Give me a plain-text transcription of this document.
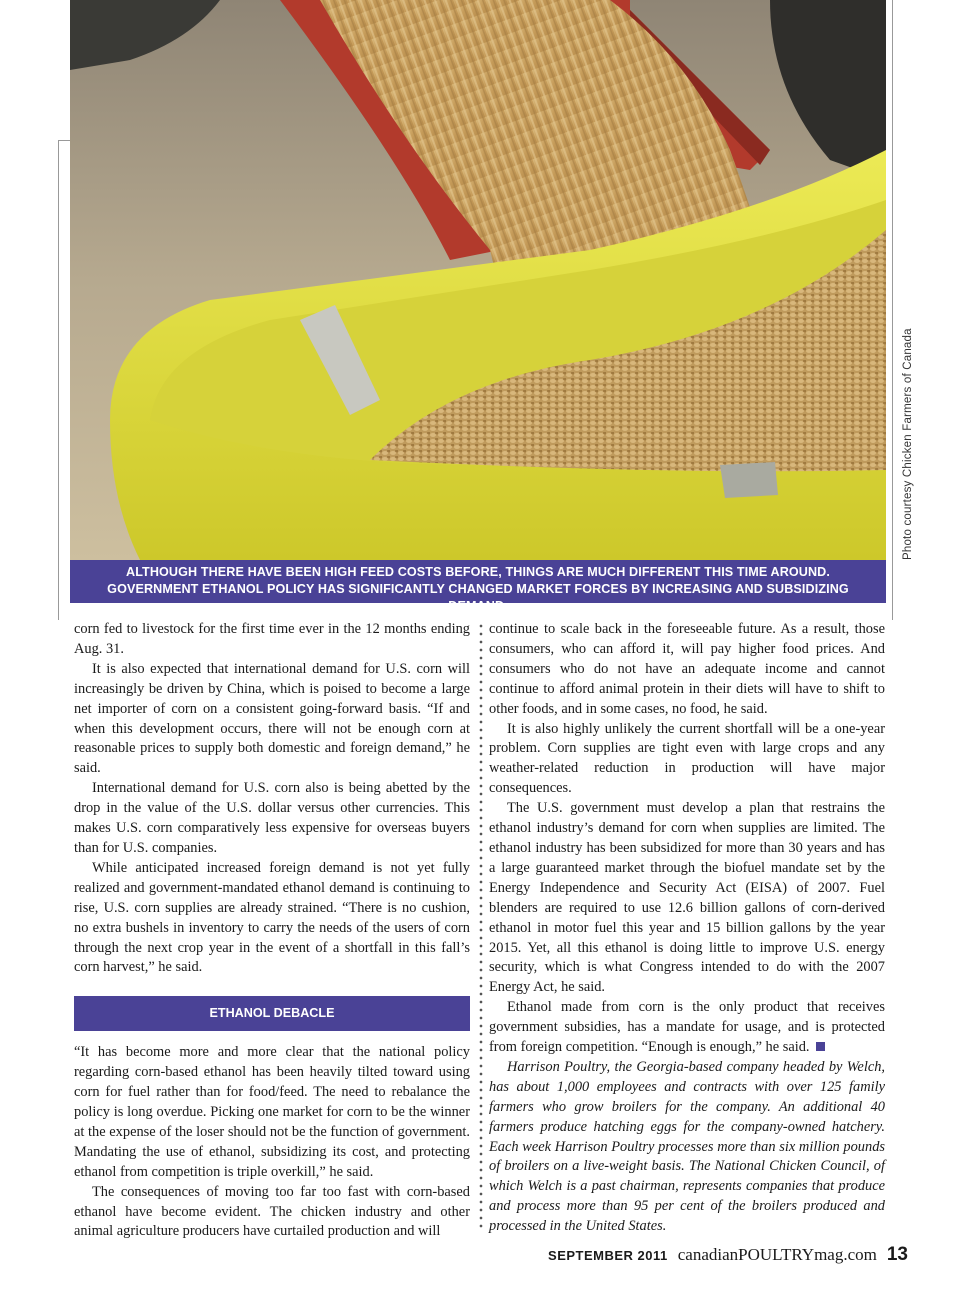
Photo courtesy Chicken Farmers of Canada
ALTHOUGH THERE HAVE BEEN HIGH FEED COSTS BEFORE, THINGS ARE MUCH DIFFERENT THIS TIME AROUND. GOVERNMENT ETHANOL POLICY HAS SIGNIFICANTLY CHANGED MARKET FORCES BY INCREASING AND SUBSIDIZING DEMAND.

corn fed to livestock for the first time ever in the 12 months ending Aug. 31.

It is also expected that international demand for U.S. corn will increasingly be driven by China, which is poised to become a large net importer of corn on a consistent going-forward basis. “If and when this development occurs, there will not be enough corn at reasonable prices to supply both domestic and foreign demand,” he said.

International demand for U.S. corn also is being abetted by the drop in the value of the U.S. dollar versus other currencies. This makes U.S. corn comparatively less expensive for overseas buyers than for U.S. companies.

While anticipated increased foreign demand is not yet fully realized and government-mandated ethanol demand is continuing to rise, U.S. corn supplies are already strained. “There is no cushion, no extra bushels in inventory to carry the needs of the users of corn through the next crop year in the event of a shortfall in this fall’s corn harvest,” he said.

ETHANOL DEBACLE

“It has become more and more clear that the national policy regarding corn-based ethanol has been heavily tilted toward using corn for fuel rather than for food/feed. The need to rebalance the policy is long overdue. Picking one market for corn to be the winner at the expense of the loser should not be the function of government. Mandating the use of ethanol, subsidizing its cost, and protecting ethanol from competition is triple overkill,” he said.

The consequences of moving too far too fast with corn-based ethanol have become evident. The chicken industry and other animal agriculture producers have curtailed production and will

continue to scale back in the foreseeable future. As a result, those consumers, who can afford it, will pay higher food prices. And consumers who do not have an adequate income and cannot continue to afford animal protein in their diets will have to shift to other foods, and in some cases, no food, he said.

It is also highly unlikely the current shortfall will be a one-year problem. Corn supplies are tight even with large crops and any weather-related reduction in production will have major consequences.

The U.S. government must develop a plan that restrains the ethanol industry’s demand for corn when supplies are limited. The ethanol industry has been subsidized for more than 30 years and has a large guaranteed market through the biofuel mandate set by the Energy Independence and Security Act (EISA) of 2007. Fuel blenders are required to use 12.6 billion gallons of corn-derived ethanol in motor fuel this year and 15 billion gallons by the year 2015. Yet, all this ethanol is doing little to improve U.S. energy security, which is what Congress intended to do with the 2007 Energy Act, he said.

Ethanol made from corn is the only product that receives government subsidies, has a mandate for usage, and is protected from foreign competition. “Enough is enough,” he said.

Harrison Poultry, the Georgia-based company headed by Welch, has about 1,000 employees and contracts with over 125 family farmers who grow broilers for the company. An additional 40 farmers produce hatching eggs for the company-owned hatchery. Each week Harrison Poultry processes more than six million pounds of broilers on a live-weight basis. The National Chicken Council, of which Welch is a past chairman, represents companies that produce and process more than 95 per cent of the broilers produced and processed in the United States.

SEPTEMBER 2011 canadianPOULTRYmag.com 13
